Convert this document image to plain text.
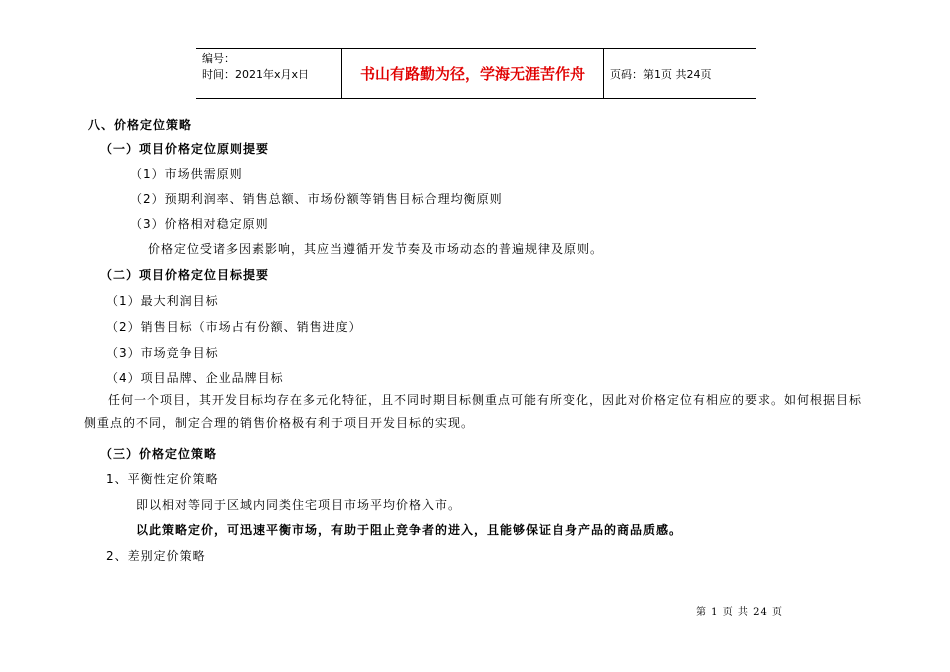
编号：
时间：2021年x月x日	书山有路勤为径，学海无涯苦作舟	页码：第1页 共24页
八、价格定位策略
（一）项目价格定位原则提要
（1）市场供需原则
（2）预期利润率、销售总额、市场份额等销售目标合理均衡原则
（3）价格相对稳定原则
价格定位受诸多因素影响，其应当遵循开发节奏及市场动态的普遍规律及原则。
（二）项目价格定位目标提要
（1）最大利润目标
（2）销售目标（市场占有份额、销售进度）
（3）市场竞争目标
（4）项目品牌、企业品牌目标
任何一个项目，其开发目标均存在多元化特征，且不同时期目标侧重点可能有所变化，因此对价格定位有相应的要求。如何根据目标侧重点的不同，制定合理的销售价格极有利于项目开发目标的实现。
（三）价格定位策略
1、平衡性定价策略
即以相对等同于区域内同类住宅项目市场平均价格入市。
以此策略定价，可迅速平衡市场，有助于阻止竞争者的进入，且能够保证自身产品的商品质感。
2、差别定价策略
第 1 页 共 24 页
